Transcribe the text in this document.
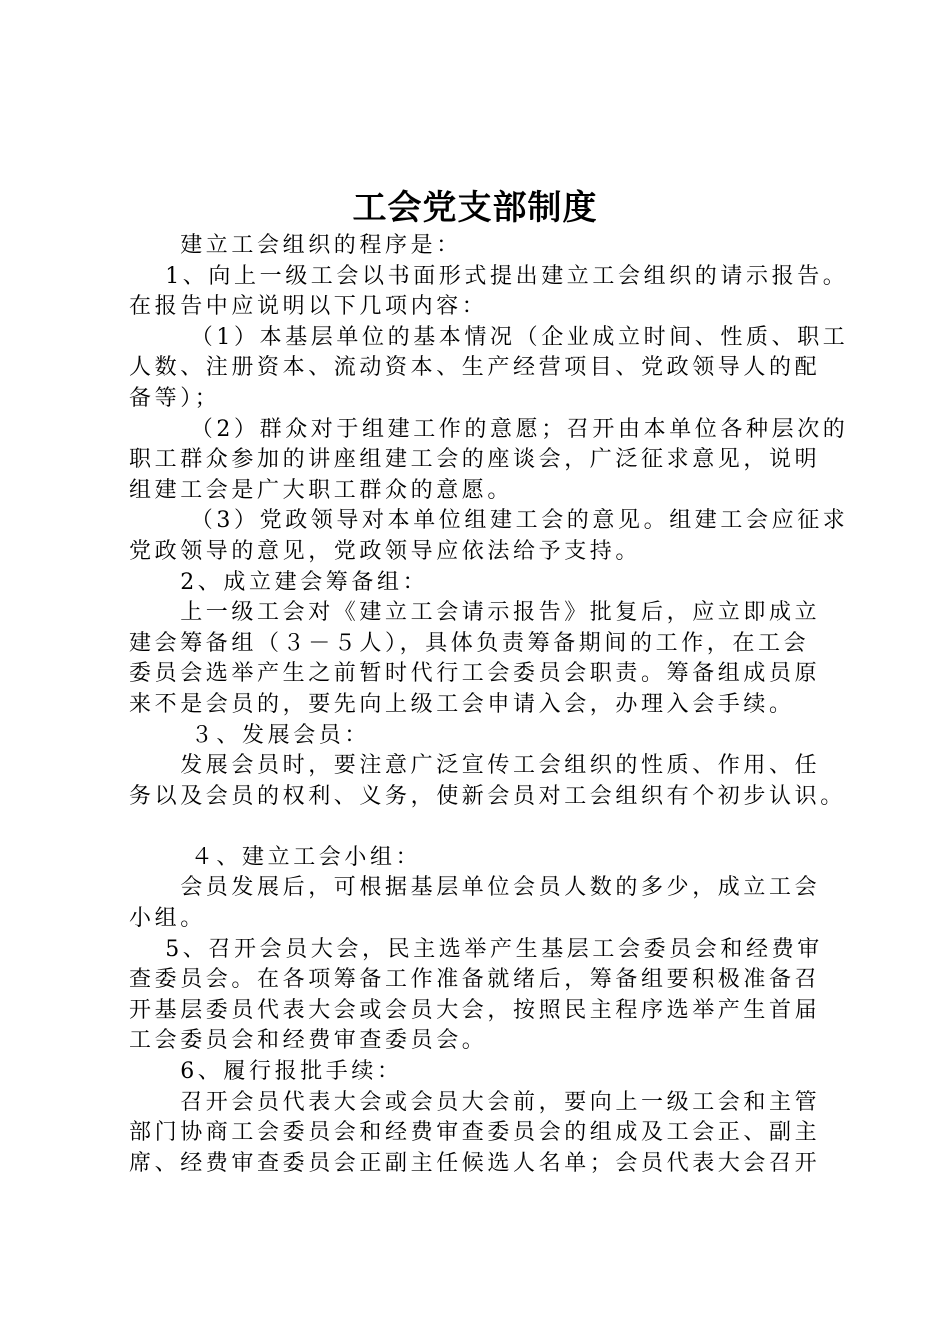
工会党支部制度

　　建立工会组织的程序是：

　 1、向上一级工会以书面形式提出建立工会组织的请示报告。

在报告中应说明以下几项内容：

　　 （1）本基层单位的基本情况（企业成立时间、性质、职工

人数、注册资本、流动资本、生产经营项目、党政领导人的配

备等）；

　　 （2）群众对于组建工作的意愿；召开由本单位各种层次的

职工群众参加的讲座组建工会的座谈会，广泛征求意见，说明

组建工会是广大职工群众的意愿。

　　 （3）党政领导对本单位组建工会的意见。组建工会应征求

党政领导的意见，党政领导应依法给予支持。

　　2、成立建会筹备组：

　　上一级工会对《建立工会请示报告》批复后，应立即成立

建会筹备组（３－５人），具体负责筹备期间的工作，在工会

委员会选举产生之前暂时代行工会委员会职责。筹备组成员原

来不是会员的，要先向上级工会申请入会，办理入会手续。

　　 ３、发展会员：

　　发展会员时，要注意广泛宣传工会组织的性质、作用、任

务以及会员的权利、义务，使新会员对工会组织有个初步认识。

　　 ４、建立工会小组：

　　会员发展后，可根据基层单位会员人数的多少，成立工会

小组。

　 5、召开会员大会，民主选举产生基层工会委员会和经费审

查委员会。在各项筹备工作准备就绪后，筹备组要积极准备召

开基层委员代表大会或会员大会，按照民主程序选举产生首届

工会委员会和经费审查委员会。

　　6、履行报批手续：

　　召开会员代表大会或会员大会前，要向上一级工会和主管

部门协商工会委员会和经费审查委员会的组成及工会正、副主

席、经费审查委员会正副主任候选人名单；会员代表大会召开
